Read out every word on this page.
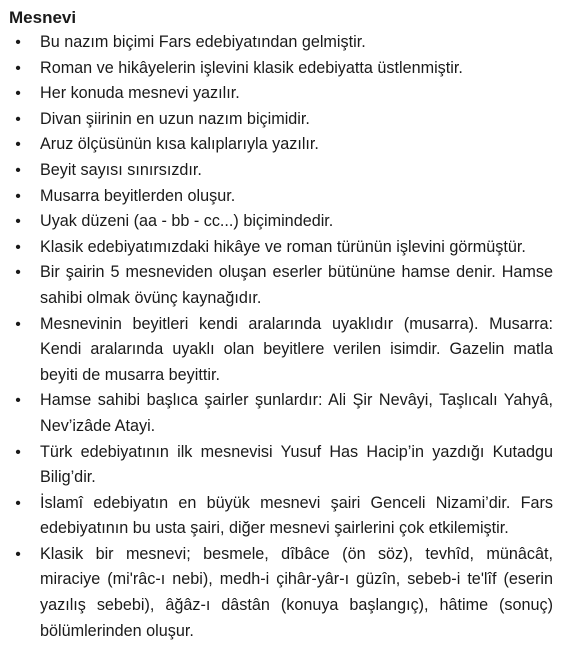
Mesnevi
• Bu nazım biçimi Fars edebiyatından gelmiştir.
• Roman ve hikâyelerin işlevini klasik edebiyatta üstlenmiştir.
• Her konuda mesnevi yazılır.
• Divan şiirinin en uzun nazım biçimidir.
• Aruz ölçüsünün kısa kalıplarıyla yazılır.
• Beyit sayısı sınırsızdır.
• Musarra beyitlerden oluşur.
• Uyak düzeni (aa - bb - cc...) biçimindedir.
• Klasik edebiyatımızdaki hikâye ve roman türünün işlevini görmüştür.
• Bir şairin 5 mesneviden oluşan eserler bütününe hamse denir. Hamse sahibi olmak övünç kaynağıdır.
• Mesnevinin beyitleri kendi aralarında uyaklıdır (musarra). Musarra: Kendi aralarında uyaklı olan beyitlere verilen isimdir. Gazelin matla beyiti de musarra beyittir.
• Hamse sahibi başlıca şairler şunlardır: Ali Şir Nevâyi, Taşlıcalı Yahyâ, Nev’izâde Atayi.
• Türk edebiyatının ilk mesnevisi Yusuf Has Hacip’in yazdığı Kutadgu Bilig’dir.
• İslamî edebiyatın en büyük mesnevi şairi Genceli Nizami’dir. Fars edebiyatının bu usta şairi, diğer mesnevi şairlerini çok etkilemiştir.
• Klasik bir mesnevi; besmele, dîbâce (ön söz), tevhîd, münâcât, miraciye (mi'râc-ı nebi), medh-i çihâr-yâr-ı güzîn, sebeb-i te'lîf (eserin yazılış sebebi), âğâz-ı dâstân (konuya başlangıç), hâtime (sonuç) bölümlerinden oluşur.
